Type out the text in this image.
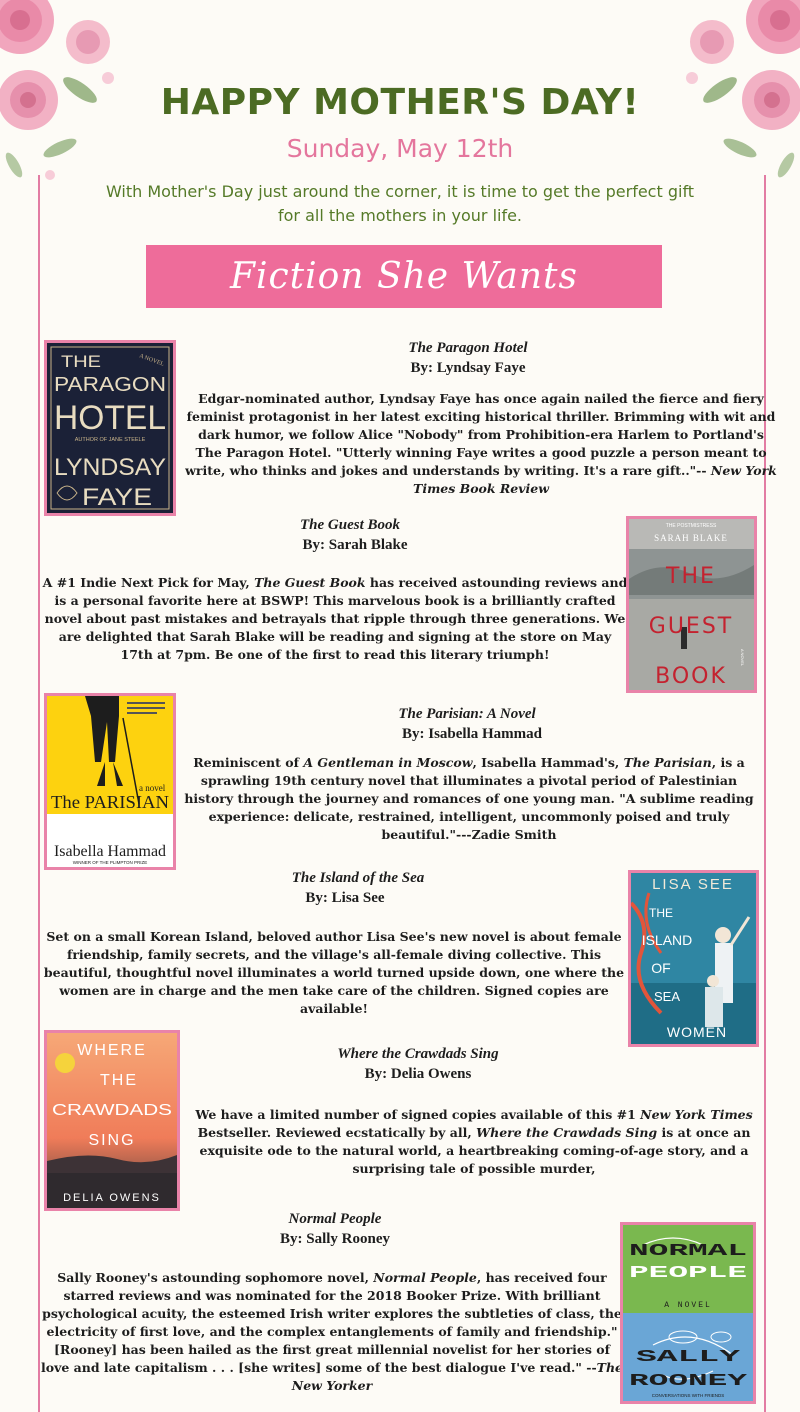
HAPPY MOTHER'S DAY!
Sunday, May 12th
With Mother's Day just around the corner, it is time to get the perfect gift for all the mothers in your life.
Fiction She Wants
A NOVEL
THE
PARAGON
HOTEL
AUTHOR OF JANE STEELE
LYNDSAY
FAYE
The Paragon Hotel
By: Lyndsay Faye
Edgar-nominated author, Lyndsay Faye has once again nailed the fierce and fiery feminist protagonist in her latest exciting historical thriller. Brimming with wit and dark humor, we follow Alice "Nobody" from Prohibition-era Harlem to Portland's The Paragon Hotel. "Utterly winning Faye writes a good puzzle a person meant to write, who thinks and jokes and understands by writing. It's a rare gift.."-- New York Times Book Review
The Guest Book
By: Sarah Blake
A #1 Indie Next Pick for May, The Guest Book has received astounding reviews and is a personal favorite here at BSWP! This marvelous book is a brilliantly crafted novel about past mistakes and betrayals that ripple through three generations. We are delighted that Sarah Blake will be reading and signing at the store on May 17th at 7pm. Be one of the first to read this literary triumph!
THE POSTMISTRESS
SARAH BLAKE
THE
GUEST
A NOVEL
BOOK
a novel
The PARISIAN
Isabella Hammad
WINNER OF THE PLIMPTON PRIZE
The Parisian: A Novel
By: Isabella Hammad
Reminiscent of A Gentleman in Moscow, Isabella Hammad's, The Parisian, is a sprawling 19th century novel that illuminates a pivotal period of Palestinian history through the journey and romances of one young man. "A sublime reading experience: delicate, restrained, intelligent, uncommonly poised and truly beautiful."---Zadie Smith
The Island of the Sea
By: Lisa See
Set on a small Korean Island, beloved author Lisa See's new novel is about female friendship, family secrets, and the village's all-female diving collective. This beautiful, thoughtful novel illuminates a world turned upside down, one where the women are in charge and the men take care of the children. Signed copies are available!
LISA SEE
THE
ISLAND
OF
SEA
WOMEN
WHERE
THE
CRAWDADS
SING
DELIA OWENS
Where the Crawdads Sing
By: Delia Owens
We have a limited number of signed copies available of this #1 New York Times Bestseller. Reviewed ecstatically by all, Where the Crawdads Sing is at once an exquisite ode to the natural world, a heartbreaking coming-of-age story, and a surprising tale of possible murder,
Normal People
By: Sally Rooney
Sally Rooney's astounding sophomore novel, Normal People, has received four starred reviews and was nominated for the 2018 Booker Prize. With brilliant psychological acuity, the esteemed Irish writer explores the subtleties of class, the electricity of first love, and the complex entanglements of family and friendship."[Rooney] has been hailed as the first great millennial novelist for her stories of love and late capitalism . . . [she writes] some of the best dialogue I've read." --The New Yorker
NORMAL
PEOPLE
A NOVEL
SALLY
ROONEY
CONVERSATIONS WITH FRIENDS
